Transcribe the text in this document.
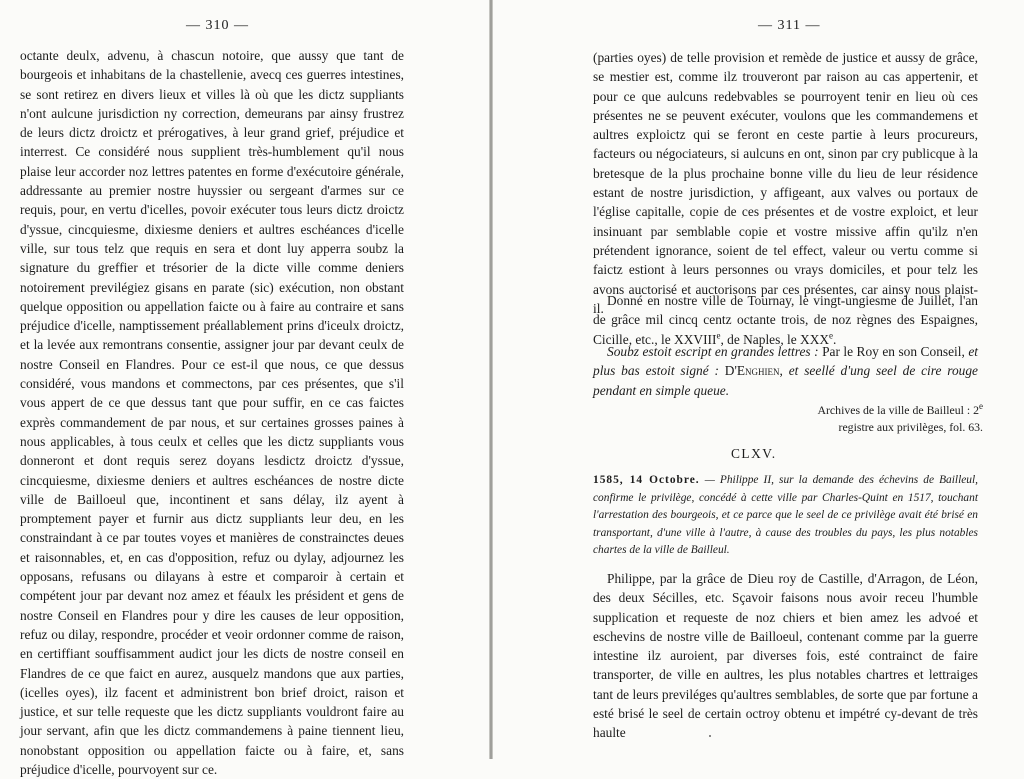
— 310 —

octante deulx, advenu, à chascun notoire, que aussy que tant de bourgeois et inhabitans de la chastellenie, avecq ces guerres intestines, se sont retirez en divers lieux et villes là où que les dictz suppliants n'ont aulcune jurisdiction ny correction, demeurans par ainsy frustrez de leurs dictz droictz et prérogatives, à leur grand grief, préjudice et interrest. Ce considéré nous supplient très-humblement qu'il nous plaise leur accorder noz lettres patentes en forme d'exécutoire générale, addressante au premier nostre huyssier ou sergeant d'armes sur ce requis, pour, en vertu d'icelles, povoir exécuter tous leurs dictz droictz d'yssue, cincquiesme, dixiesme deniers et aultres eschéances d'icelle ville, sur tous telz que requis en sera et dont luy apperra soubz la signature du greffier et trésorier de la dicte ville comme deniers notoirement previlégiez gisans en parate (sic) exécution, non obstant quelque opposition ou appellation faicte ou à faire au contraire et sans préjudice d'icelle, namptissement préallablement prins d'iceulx droictz, et la levée aux remontrans consentie, assigner jour par devant ceulx de nostre Conseil en Flandres. Pour ce est-il que nous, ce que dessus considéré, vous mandons et commectons, par ces présentes, que s'il vous appert de ce que dessus tant que pour suffir, en ce cas faictes exprès commandement de par nous, et sur certaines grosses paines à nous applicables, à tous ceulx et celles que les dictz suppliants vous donneront et dont requis serez doyans lesdictz droictz d'yssue, cincquiesme, dixiesme deniers et aultres eschéances de nostre dicte ville de Bailloeul que, incontinent et sans délay, ilz ayent à promptement payer et furnir aus dictz suppliants leur deu, en les constraindant à ce par toutes voyes et manières de constrainctes deues et raisonnables, et, en cas d'opposition, refuz ou dylay, adjournez les opposans, refusans ou dilayans à estre et comparoir à certain et compétent jour par devant noz amez et féaulx les président et gens de nostre Conseil en Flandres pour y dire les causes de leur opposition, refuz ou dilay, respondre, procéder et veoir ordonner comme de raison, en certiffiant souffisamment audict jour les dicts de nostre conseil en Flandres de ce que faict en aurez, ausquelz mandons que aux parties, (icelles oyes), ilz facent et administrent bon brief droict, raison et justice, et sur telle requeste que les dictz suppliants vouldront faire au jour servant, afin que les dictz commandemens à paine tiennent lieu, nonobstant opposition ou appellation faicte ou à faire, et, sans préjudice d'icelle, pourvoyent sur ce.

— 311 —

(parties oyes) de telle provision et remède de justice et aussy de grâce, se mestier est, comme ilz trouveront par raison au cas appertenir, et pour ce que aulcuns redebvables se pourroyent tenir en lieu où ces présentes ne se peuvent exécuter, voulons que les commandemens et aultres exploictz qui se feront en ceste partie à leurs procureurs, facteurs ou négociateurs, si aulcuns en ont, sinon par cry publicque à la bretesque de la plus prochaine bonne ville du lieu de leur résidence estant de nostre jurisdiction, y affigeant, aux valves ou portaux de l'église capitalle, copie de ces présentes et de vostre exploict, et leur insinuant par semblable copie et vostre missive affin qu'ilz n'en prétendent ignorance, soient de tel effect, valeur ou vertu comme si faictz estiont à leurs personnes ou vrays domiciles, et pour telz les avons auctorisé et auctorisons par ces présentes, car ainsy nous plaist-il.

Donné en nostre ville de Tournay, le vingt-ungiesme de Juillet, l'an de grâce mil cincq centz octante trois, de noz règnes des Espaignes, Cicille, etc., le XXVIIIe, de Naples, le XXXe.

Soubz estoit escript en grandes lettres : Par le Roy en son Conseil, et plus bas estoit signé : D'Enghien, et seellé d'ung seel de cire rouge pendant en simple queue.

Archives de la ville de Bailleul : 2e
registre aux privilèges, fol. 63.
CLXV.

1585, 14 Octobre. — Philippe II, sur la demande des échevins de Bailleul, confirme le privilège, concédé à cette ville par Charles-Quint en 1517, touchant l'arrestation des bourgeois, et ce parce que le seel de ce privilège avait été brisé en transportant, d'une ville à l'autre, à cause des troubles du pays, les plus notables chartes de la ville de Bailleul.

Philippe, par la grâce de Dieu roy de Castille, d'Arragon, de Léon, des deux Sécilles, etc. Sçavoir faisons nous avoir receu l'humble supplication et requeste de noz chiers et bien amez les advoé et eschevins de nostre ville de Bailloeul, contenant comme par la guerre intestine ilz auroient, par diverses fois, esté contrainct de faire transporter, de ville en aultres, les plus notables chartres et lettraiges tant de leurs previléges qu'aultres semblables, de sorte que par fortune a esté brisé le seel de certain octroy obtenu et impétré cy-devant de très haulte
